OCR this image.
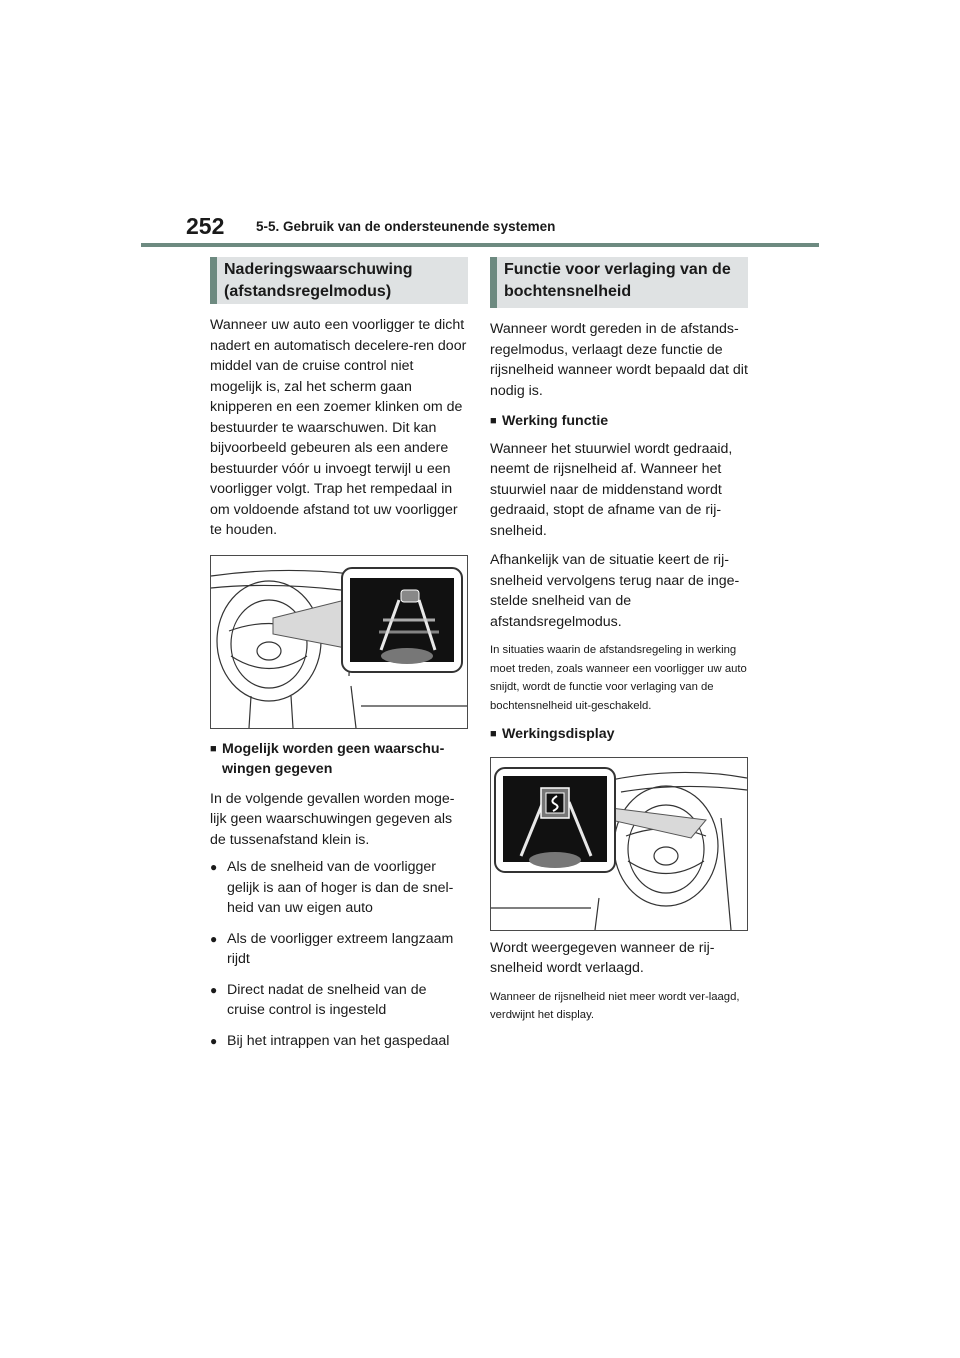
252 5-5. Gebruik van de ondersteunende systemen
Naderingswaarschuwing (afstandsregelmodus)

Wanneer uw auto een voorligger te dicht nadert en automatisch decelere-ren door middel van de cruise control niet mogelijk is, zal het scherm gaan knipperen en een zoemer klinken om de bestuurder te waarschuwen. Dit kan bijvoorbeeld gebeuren als een andere bestuurder vóór u invoegt terwijl u een voorligger volgt. Trap het rempedaal in om voldoende afstand tot uw voorligger te houden.

■ Mogelijk worden geen waarschu-wingen gegeven

In de volgende gevallen worden moge-lijk geen waarschuwingen gegeven als de tussenafstand klein is.

● Als de snelheid van de voorligger gelijk is aan of hoger is dan de snel-heid van uw eigen auto
● Als de voorligger extreem langzaam rijdt
● Direct nadat de snelheid van de cruise control is ingesteld
● Bij het intrappen van het gaspedaal
Functie voor verlaging van de bochtensnelheid

Wanneer wordt gereden in de afstands-regelmodus, verlaagt deze functie de rijsnelheid wanneer wordt bepaald dat dit nodig is.

■ Werking functie

Wanneer het stuurwiel wordt gedraaid, neemt de rijsnelheid af. Wanneer het stuurwiel naar de middenstand wordt gedraaid, stopt de afname van de rij-snelheid.

Afhankelijk van de situatie keert de rij-snelheid vervolgens terug naar de inge-stelde snelheid van de afstandsregelmodus.

In situaties waarin de afstandsregeling in werking moet treden, zoals wanneer een voorligger uw auto snijdt, wordt de functie voor verlaging van de bochtensnelheid uit-geschakeld.

■ Werkingsdisplay

Wordt weergegeven wanneer de rij-snelheid wordt verlaagd.

Wanneer de rijsnelheid niet meer wordt ver-laagd, verdwijnt het display.
